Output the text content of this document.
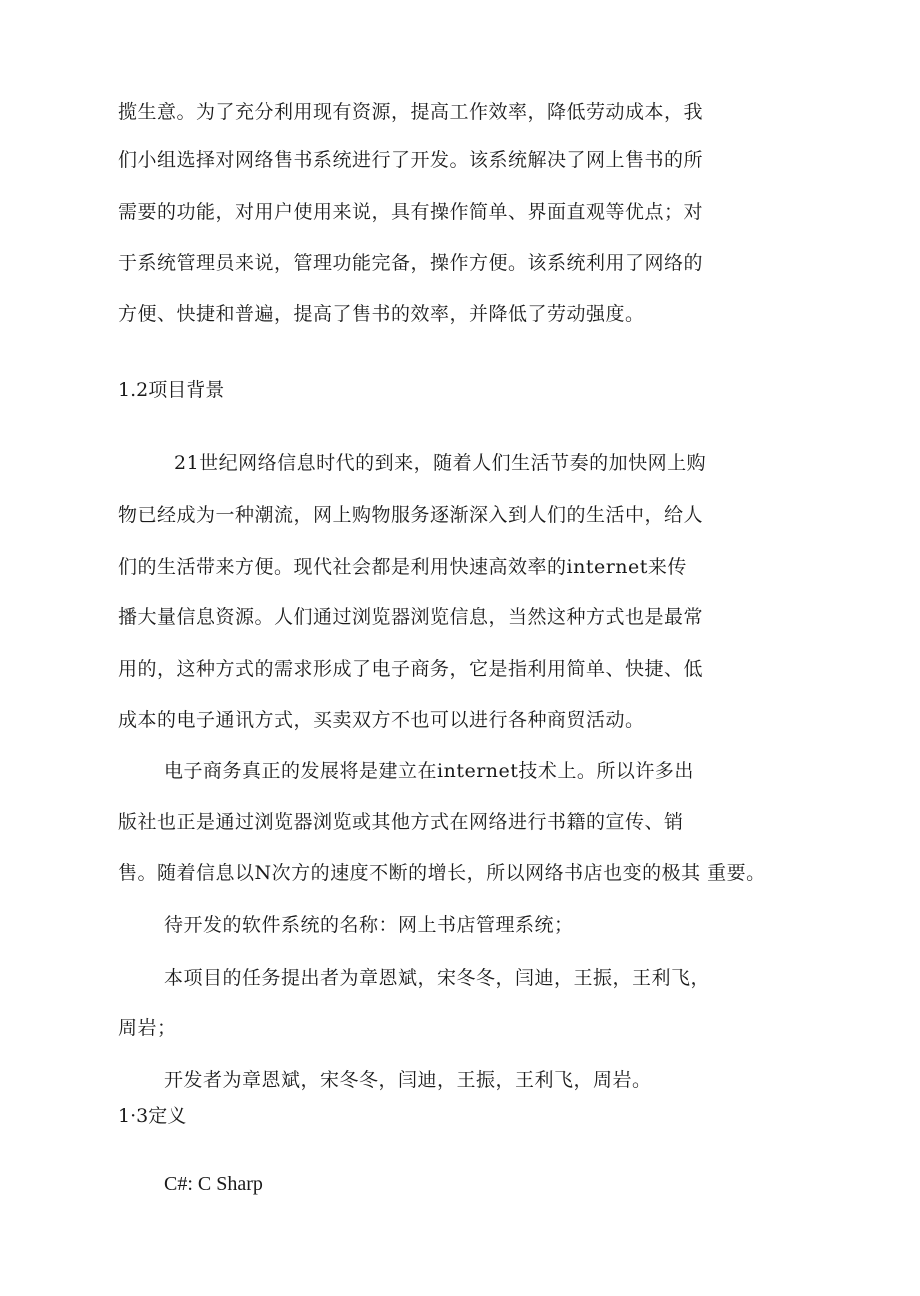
揽生意。为了充分利用现有资源，提高工作效率，降低劳动成本，我
们小组选择对网络售书系统进行了开发。该系统解决了网上售书的所
需要的功能，对用户使用来说，具有操作简单、界面直观等优点；对
于系统管理员来说，管理功能完备，操作方便。该系统利用了网络的
方便、快捷和普遍，提高了售书的效率，并降低了劳动强度。
1.2项目背景
21世纪网络信息时代的到来，随着人们生活节奏的加快网上购
物已经成为一种潮流，网上购物服务逐渐深入到人们的生活中，给人
们的生活带来方便。现代社会都是利用快速高效率的internet来传
播大量信息资源。人们通过浏览器浏览信息，当然这种方式也是最常
用的，这种方式的需求形成了电子商务，它是指利用简单、快捷、低
成本的电子通讯方式，买卖双方不也可以进行各种商贸活动。
电子商务真正的发展将是建立在internet技术上。所以许多出
版社也正是通过浏览器浏览或其他方式在网络进行书籍的宣传、销
售。随着信息以N次方的速度不断的增长，所以网络书店也变的极其 重要。
待开发的软件系统的名称：网上书店管理系统；
本项目的任务提出者为章恩斌，宋冬冬，闫迪，王振，王利飞，
周岩；
开发者为章恩斌，宋冬冬，闫迪，王振，王利飞，周岩。
1·3定义
C#: C Sharp
